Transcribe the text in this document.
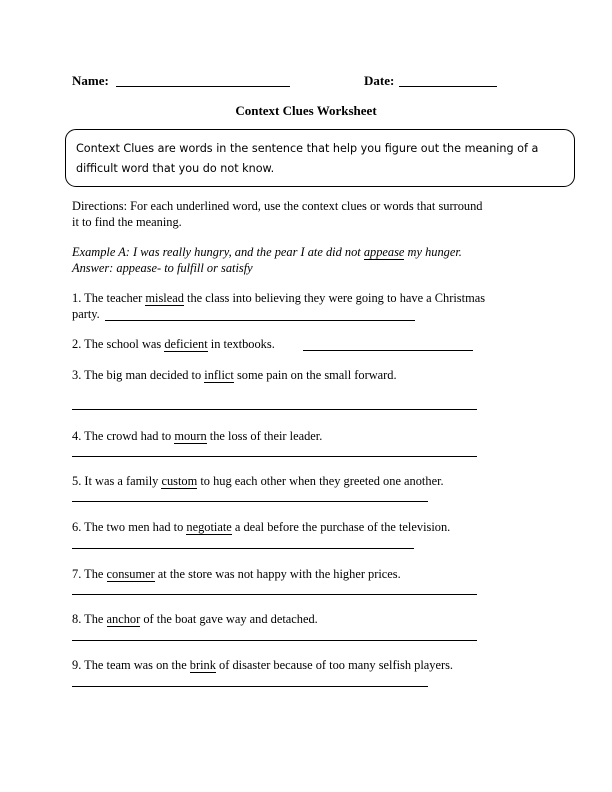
Name:	Date:
Context Clues Worksheet

Context Clues are words in the sentence that help you figure out the meaning of a difficult word that you do not know.

Directions: For each underlined word, use the context clues or words that surround
it to find the meaning.
Example A: I was really hungry, and the pear I ate did not appease my hunger.
Answer: appease- to fulfill or satisfy
1. The teacher mislead the class into believing they were going to have a Christmas
party.
2. The school was deficient in textbooks.
3. The big man decided to inflict some pain on the small forward.
4. The crowd had to mourn the loss of their leader.
5. It was a family custom to hug each other when they greeted one another.
6. The two men had to negotiate a deal before the purchase of the television.
7. The consumer at the store was not happy with the higher prices.
8. The anchor of the boat gave way and detached.
9. The team was on the brink of disaster because of too many selfish players.
